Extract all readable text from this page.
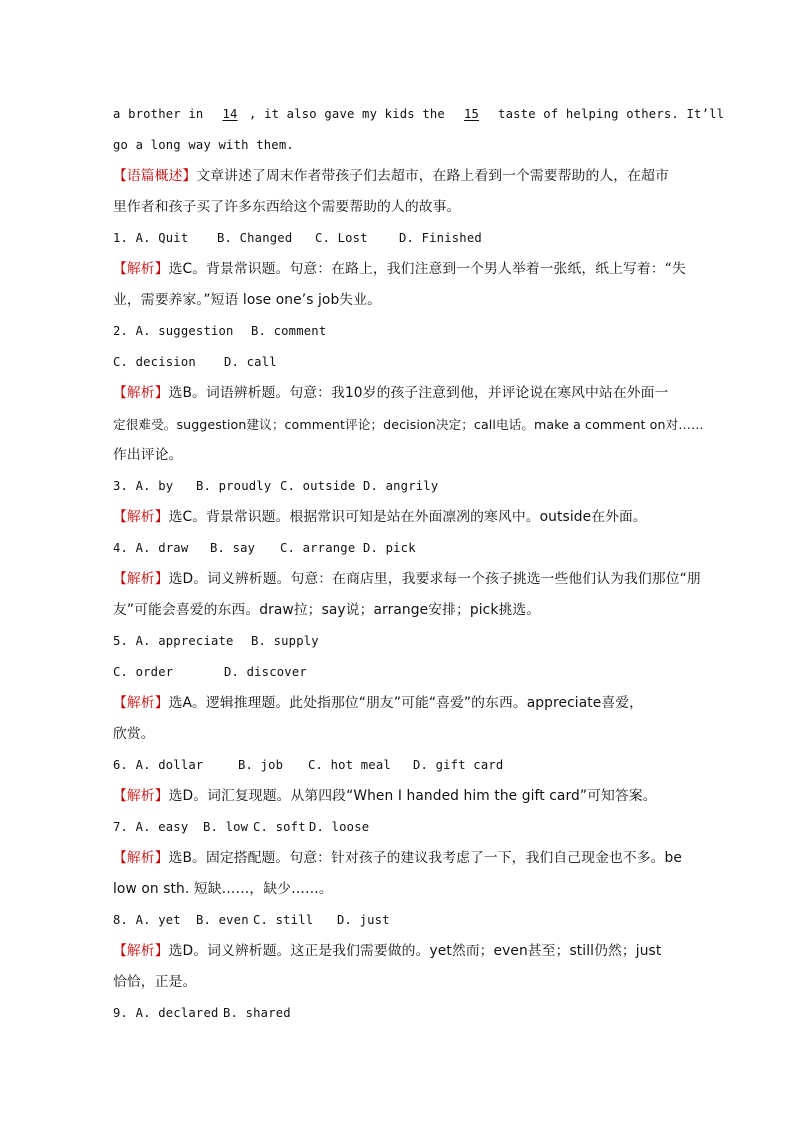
a brother in 14, it also gave my kids the 15 taste of helping others. It’ll
go a long way with them.
【语篇概述】文章讲述了周末作者带孩子们去超市，在路上看到一个需要帮助的人，在超市
里作者和孩子买了许多东西给这个需要帮助的人的故事。
1. A. Quit B. Changed C. Lost	D. Finished
【解析】选C。背景常识题。句意：在路上，我们注意到一个男人举着一张纸，纸上写着：“失
业，需要养家。”短语 lose one’s job失业。
2. A. suggestion B. comment
C. decision D. call
【解析】选B。词语辨析题。句意：我10岁的孩子注意到他，并评论说在寒风中站在外面一
定很难受。suggestion建议；comment评论；decision决定；call电话。make a comment on对……
作出评论。
3. A. by B. proudly C. outside D. angrily
【解析】选C。背景常识题。根据常识可知是站在外面凛冽的寒风中。outside在外面。
4. A. draw B. say C. arrange D. pick
【解析】选D。词义辨析题。句意：在商店里，我要求每一个孩子挑选一些他们认为我们那位“朋
友”可能会喜爱的东西。draw拉；say说；arrange安排；pick挑选。
5. A. appreciate B. supply
C. order	D. discover
【解析】选A。逻辑推理题。此处指那位“朋友”可能“喜爱”的东西。appreciate喜爱，
欣赏。
6. A. dollar	B. job C. hot meal D. gift card
【解析】选D。词汇复现题。从第四段“When I handed him the gift card”可知答案。
7. A. easy B. low C. soft D. loose
【解析】选B。固定搭配题。句意：针对孩子的建议我考虑了一下，我们自己现金也不多。be
low on sth. 短缺……，缺少……。
8. A. yet B. even C. still D. just
【解析】选D。词义辨析题。这正是我们需要做的。yet然而；even甚至；still仍然；just
恰恰，正是。
9. A. declared B. shared
